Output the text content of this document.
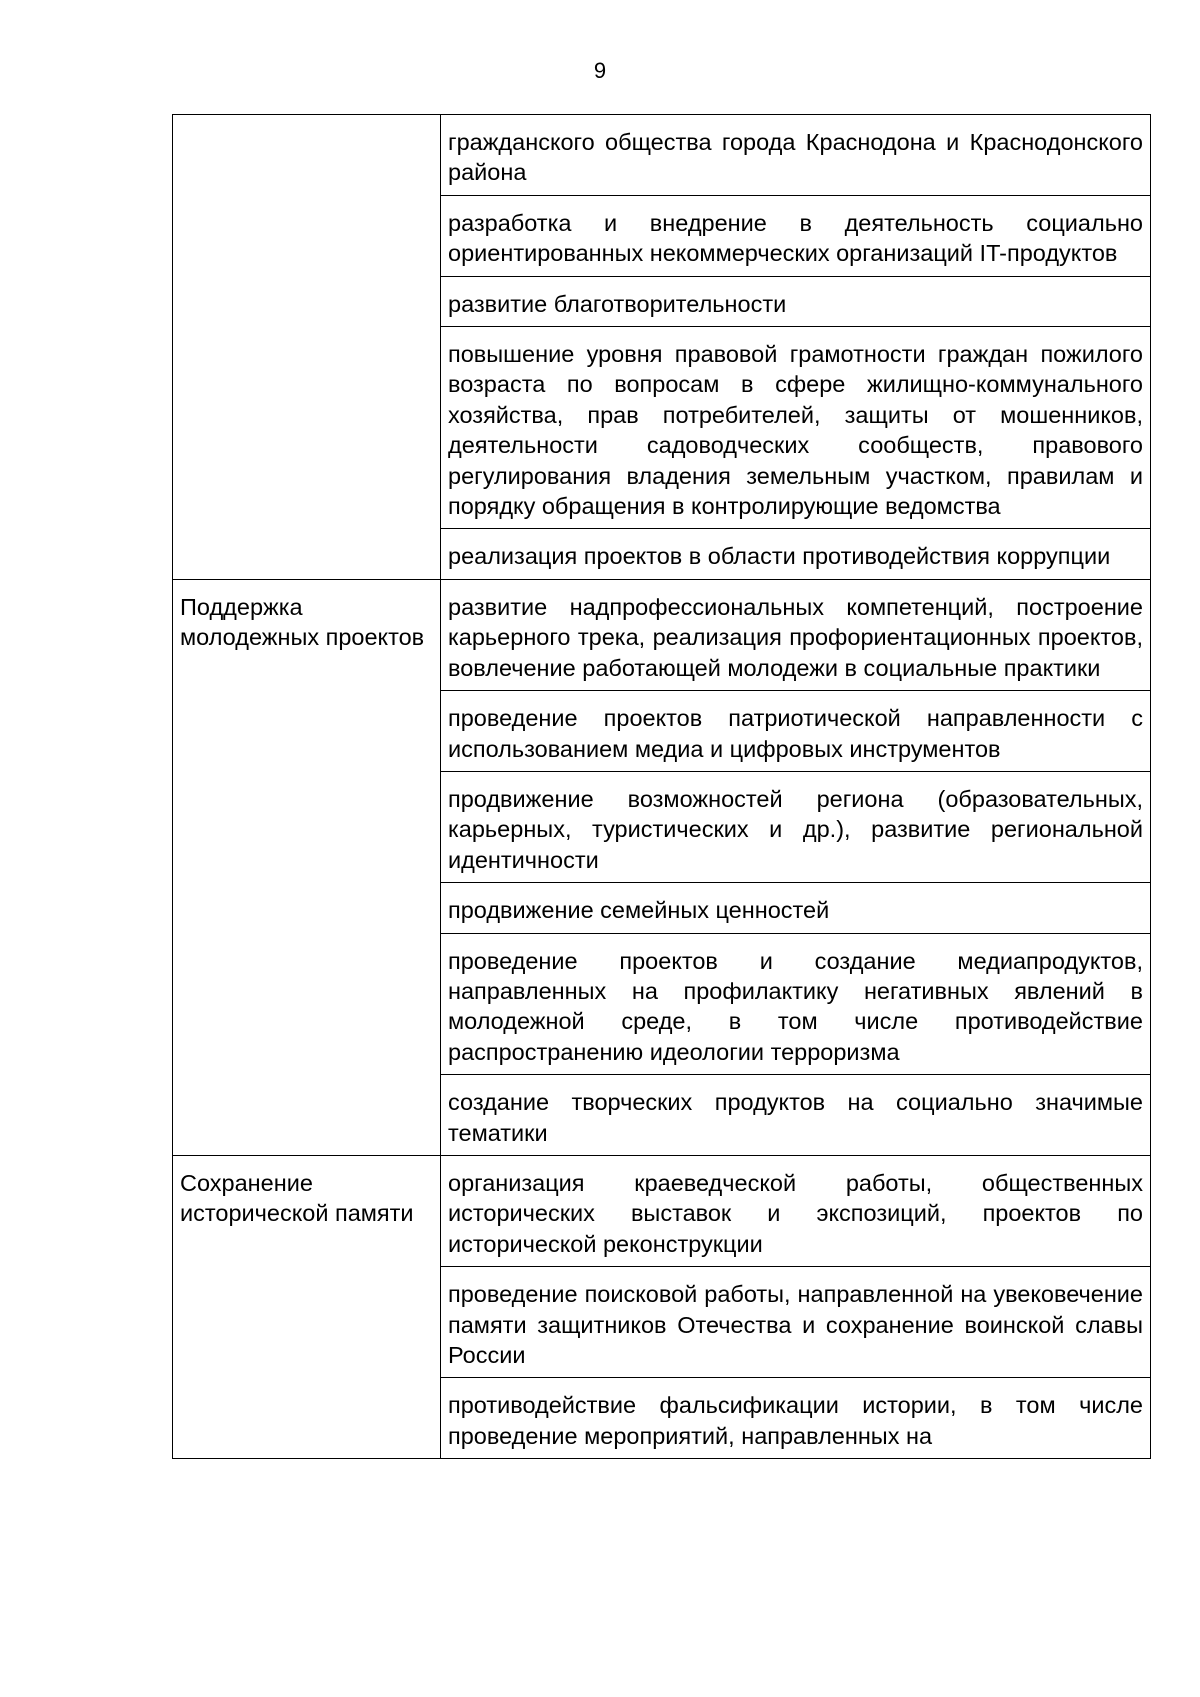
9
	гражданского общества города Краснодона и Краснодонского района
	разработка и внедрение в деятельность социально ориентированных некоммерческих организаций IT-продуктов
	развитие благотворительности
	повышение уровня правовой грамотности граждан пожилого возраста по вопросам в сфере жилищно-коммунального хозяйства, прав потребителей, защиты от мошенников, деятельности садоводческих сообществ, правового регулирования владения земельным участком, правилам и порядку обращения в контролирующие ведомства
	реализация проектов в области противодействия коррупции
Поддержка молодежных проектов	развитие надпрофессиональных компетенций, построение карьерного трека, реализация профориентационных проектов, вовлечение работающей молодежи в социальные практики
	проведение проектов патриотической направленности с использованием медиа и цифровых инструментов
	продвижение возможностей региона (образовательных, карьерных, туристических и др.), развитие региональной идентичности
	продвижение семейных ценностей
	проведение проектов и создание медиапродуктов, направленных на профилактику негативных явлений в молодежной среде, в том числе противодействие распространению идеологии терроризма
	создание творческих продуктов на социально значимые тематики
Сохранение исторической памяти	организация краеведческой работы, общественных исторических выставок и экспозиций, проектов по исторической реконструкции
	проведение поисковой работы, направленной на увековечение памяти защитников Отечества и сохранение воинской славы России
	противодействие фальсификации истории, в том числе проведение мероприятий, направленных на
